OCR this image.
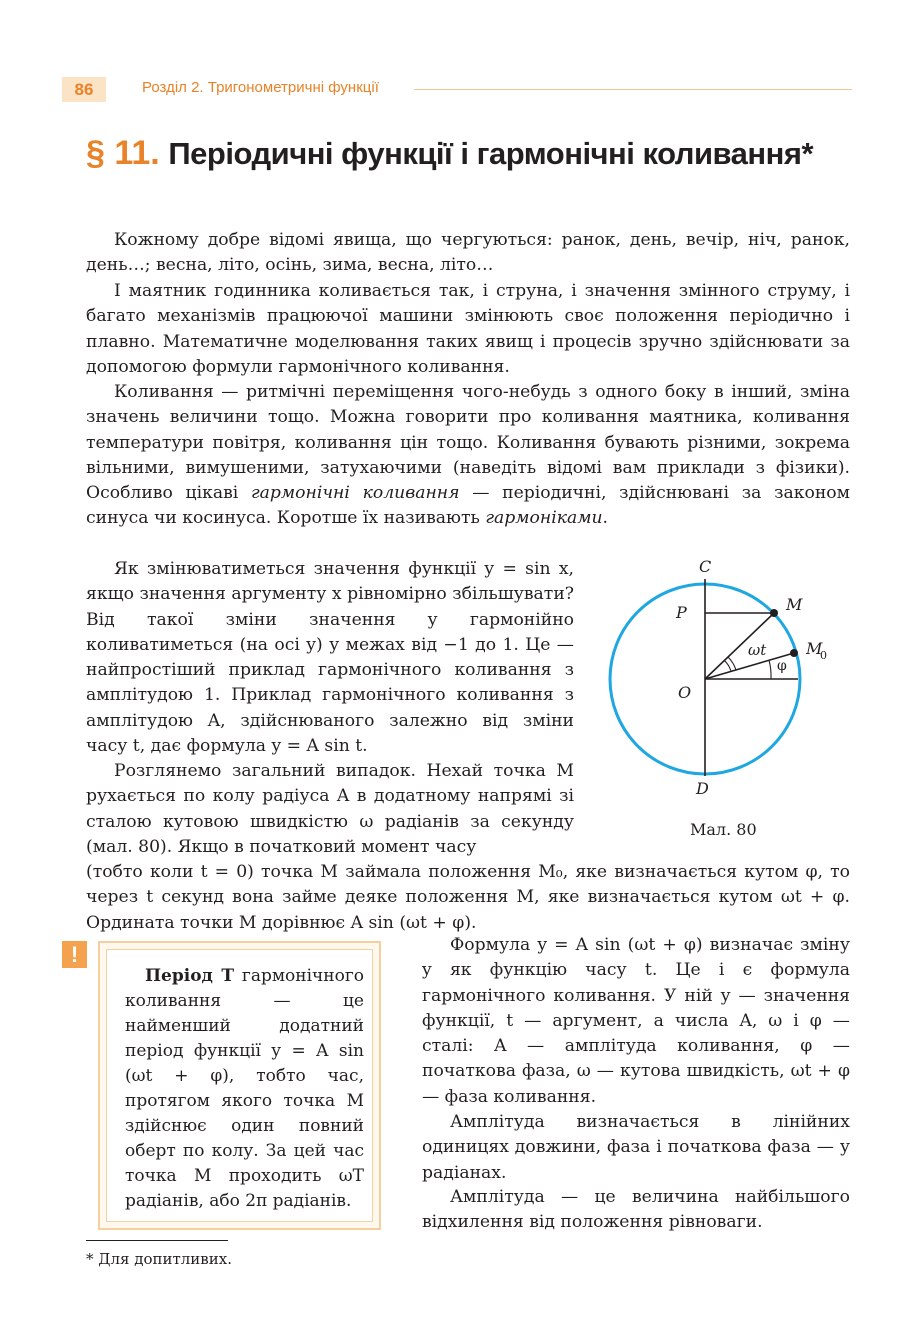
86	Розділ 2. Тригонометричні функції
§ 11. Періодичні функції і гармонічні коливання*

Кожному добре відомі явища, що чергуються: ранок, день, вечір, ніч, ранок, день…; весна, літо, осінь, зима, весна, літо…

І маятник годинника коливається так, і струна, і значення змінного струму, і багато механізмів працюючої машини змінюють своє положення періодично і плавно. Математичне моделювання таких явищ і процесів зручно здійснювати за допомогою формули гармонічного коливання.

Коливання — ритмічні переміщення чого-небудь з одного боку в інший, зміна значень величини тощо. Можна говорити про коливання маятника, коливання температури повітря, коливання цін тощо. Коливання бувають різними, зокрема вільними, вимушеними, затухаючими (наведіть відомі вам приклади з фізики). Особливо цікаві гармонічні коливання — періодичні, здійснювані за законом синуса чи косинуса. Коротше їх називають гармоніками.

Як змінюватиметься значення функції y = sin x, якщо значення аргументу x рівномірно збільшувати? Від такої зміни значення y гармонійно коливатиметься (на осі y) у межах від −1 до 1. Це — найпростіший приклад гармонічного коливання з амплітудою 1. Приклад гармонічного коливання з амплітудою A, здійснюваного залежно від зміни часу t, дає формула y = A sin t.

Розглянемо загальний випадок. Нехай точка M рухається по колу радіуса A в додатному напрямі зі сталою кутовою швидкістю ω радіанів за секунду (мал. 80). Якщо в початковий момент часу

(тобто коли t = 0) точка M займала положення M₀, яке визначається кутом φ, то через t секунд вона займе деяке положення M, яке визначається кутом ωt + φ. Ордината точки M дорівнює A sin (ωt + φ).

C
D
O
P	M
M
0
ωt
φ
Мал. 80
!

Період T гармонічного коливання — це найменший додатний період функції y = A sin (ωt + φ), тобто час, протягом якого точка M здійснює один повний оберт по колу. За цей час точка M проходить ωT радіанів, або 2π радіанів.

Формула y = A sin (ωt + φ) визначає зміну y як функцію часу t. Це і є формула гармонічного коливання. У ній y — значення функції, t — аргумент, а числа A, ω і φ — сталі: A — амплітуда коливання, φ — початкова фаза, ω — кутова швидкість, ωt + φ — фаза коливання.

Амплітуда визначається в лінійних одиницях довжини, фаза і початкова фаза — у радіанах.

Амплітуда — це величина найбільшого відхилення від положення рівноваги.

* Для допитливих.
